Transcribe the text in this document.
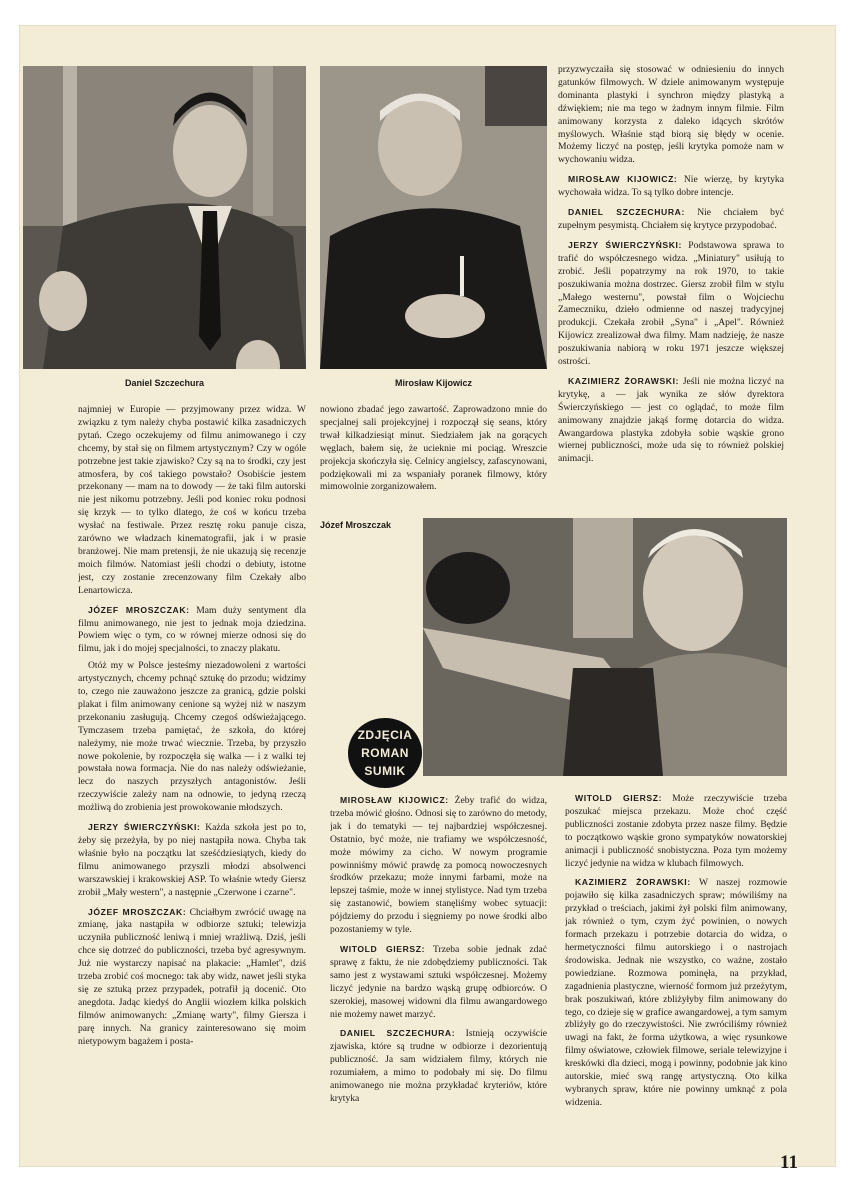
Daniel Szczechura	Mirosław Kijowicz

przyzwyczaiła się stosować w odniesieniu do innych gatunków filmowych. W dziele animowanym występuje dominanta plastyki i synchron między plastyką a dźwiękiem; nie ma tego w żadnym innym filmie. Film animowany korzysta z daleko idących skrótów myślowych. Właśnie stąd biorą się błędy w ocenie. Możemy liczyć na postęp, jeśli krytyka pomoże nam w wychowaniu widza.

MIROSŁAW KIJOWICZ: Nie wierzę, by krytyka wychowała widza. To są tylko dobre intencje.

DANIEL SZCZECHURA: Nie chciałem być zupełnym pesymistą. Chciałem się krytyce przypodobać.

JERZY ŚWIERCZYŃSKI: Podstawowa sprawa to trafić do współczesnego widza. „Miniatury" usiłują to zrobić. Jeśli popatrzymy na rok 1970, to takie poszukiwania można dostrzec. Giersz zrobił film w stylu „Małego westernu", powstał film o Wojciechu Zameczniku, dzieło odmienne od naszej tradycyjnej produkcji. Czekała zrobił „Syna" i „Apel". Również Kijowicz zrealizował dwa filmy. Mam nadzieję, że nasze poszukiwania nabiorą w roku 1971 jeszcze większej ostrości.

KAZIMIERZ ŻORAWSKI: Jeśli nie można liczyć na krytykę, a — jak wynika ze słów dyrektora Świerczyńskiego — jest co oglądać, to może film animowany znajdzie jakąś formę dotarcia do widza. Awangardowa plastyka zdobyła sobie wąskie grono wiernej publiczności, może uda się to również polskiej animacji.

najmniej w Europie — przyjmowany przez widza. W związku z tym należy chyba postawić kilka zasadniczych pytań. Czego oczekujemy od filmu animowanego i czy chcemy, by stał się on filmem artystycznym? Czy w ogóle potrzebne jest takie zjawisko? Czy są na to środki, czy jest atmosfera, by coś takiego powstało? Osobiście jestem przekonany — mam na to dowody — że taki film autorski nie jest nikomu potrzebny. Jeśli pod koniec roku podnosi się krzyk — to tylko dlatego, że coś w końcu trzeba wysłać na festiwale. Przez resztę roku panuje cisza, zarówno we władzach kinematografii, jak i w prasie branżowej. Nie mam pretensji, że nie ukazują się recenzje moich filmów. Natomiast jeśli chodzi o debiuty, istotne jest, czy zostanie zrecenzowany film Czekały albo Lenartowicza.

JÓZEF MROSZCZAK: Mam duży sentyment dla filmu animowanego, nie jest to jednak moja dziedzina. Powiem więc o tym, co w równej mierze odnosi się do filmu, jak i do mojej specjalności, to znaczy plakatu.

Otóż my w Polsce jesteśmy niezadowoleni z wartości artystycznych, chcemy pchnąć sztukę do przodu; widzimy to, czego nie zauważono jeszcze za granicą, gdzie polski plakat i film animowany cenione są wyżej niż w naszym przekonaniu zasługują. Chcemy czegoś odświeżającego. Tymczasem trzeba pamiętać, że szkoła, do której należymy, nie może trwać wiecznie. Trzeba, by przyszło nowe pokolenie, by rozpoczęła się walka — i z walki tej powstała nowa formacja. Nie do nas należy odświeżanie, lecz do naszych przyszłych antagonistów. Jeśli rzeczywiście zależy nam na odnowie, to jedyną rzeczą możliwą do zrobienia jest prowokowanie młodszych.

JERZY ŚWIERCZYŃSKI: Każda szkoła jest po to, żeby się przeżyła, by po niej nastąpiła nowa. Chyba tak właśnie było na początku lat sześćdziesiątych, kiedy do filmu animowanego przyszli młodzi absolwenci warszawskiej i krakowskiej ASP. To właśnie wtedy Giersz zrobił „Mały western", a następnie „Czerwone i czarne".

JÓZEF MROSZCZAK: Chciałbym zwrócić uwagę na zmianę, jaka nastąpiła w odbiorze sztuki; telewizja uczyniła publiczność leniwą i mniej wrażliwą. Dziś, jeśli chce się dotrzeć do publiczności, trzeba być agresywnym. Już nie wystarczy napisać na plakacie: „Hamlet", dziś trzeba zrobić coś mocnego: tak aby widz, nawet jeśli styka się ze sztuką przez przypadek, potrafił ją docenić. Oto anegdota. Jadąc kiedyś do Anglii wiozłem kilka polskich filmów animowanych: „Zmianę warty", filmy Giersza i parę innych. Na granicy zainteresowano się moim nietypowym bagażem i posta-

nowiono zbadać jego zawartość. Zaprowadzono mnie do specjalnej sali projekcyjnej i rozpoczął się seans, który trwał kilkadziesiąt minut. Siedziałem jak na gorących węglach, bałem się, że ucieknie mi pociąg. Wreszcie projekcja skończyła się. Celnicy angielscy, zafascynowani, podziękowali mi za wspaniały poranek filmowy, który mimowolnie zorganizowałem.

Józef Mroszczak
ZDJĘCIA
ROMAN
SUMIK

MIROSŁAW KIJOWICZ: Żeby trafić do widza, trzeba mówić głośno. Odnosi się to zarówno do metody, jak i do tematyki — tej najbardziej współczesnej. Ostatnio, być może, nie trafiamy we współczesność, może mówimy za cicho. W nowym programie powinniśmy mówić prawdę za pomocą nowoczesnych środków przekazu; może innymi farbami, może na lepszej taśmie, może w innej stylistyce. Nad tym trzeba się zastanowić, bowiem stanęliśmy wobec sytuacji: pójdziemy do przodu i sięgniemy po nowe środki albo pozostaniemy w tyle.

WITOLD GIERSZ: Trzeba sobie jednak zdać sprawę z faktu, że nie zdobędziemy publiczności. Tak samo jest z wystawami sztuki współczesnej. Możemy liczyć jedynie na bardzo wąską grupę odbiorców. O szerokiej, masowej widowni dla filmu awangardowego nie możemy nawet marzyć.

DANIEL SZCZECHURA: Istnieją oczywiście zjawiska, które są trudne w odbiorze i dezorientują publiczność. Ja sam widziałem filmy, których nie rozumiałem, a mimo to podobały mi się. Do filmu animowanego nie można przykładać kryteriów, które krytyka

WITOLD GIERSZ: Może rzeczywiście trzeba poszukać miejsca przekazu. Może choć część publiczności zostanie zdobyta przez nasze filmy. Będzie to początkowo wąskie grono sympatyków nowatorskiej animacji i publiczność snobistyczna. Poza tym możemy liczyć jedynie na widza w klubach filmowych.

KAZIMIERZ ŻORAWSKI: W naszej rozmowie pojawiło się kilka zasadniczych spraw; mówiliśmy na przykład o treściach, jakimi żył polski film animowany, jak również o tym, czym żyć powinien, o nowych formach przekazu i potrzebie dotarcia do widza, o hermetyczności filmu autorskiego i o nastrojach środowiska. Jednak nie wszystko, co ważne, zostało powiedziane. Rozmowa pominęła, na przykład, zagadnienia plastyczne, wierność formom już przeżytym, brak poszukiwań, które zbliżyłyby film animowany do tego, co dzieje się w grafice awangardowej, a tym samym zbliżyły go do rzeczywistości. Nie zwróciliśmy również uwagi na fakt, że forma użytkowa, a więc rysunkowe filmy oświatowe, człowiek filmowe, seriale telewizyjne i kreskówki dla dzieci, mogą i powinny, podobnie jak kino autorskie, mieć swą rangę artystyczną. Oto kilka wybranych spraw, które nie powinny umknąć z pola widzenia.

11
